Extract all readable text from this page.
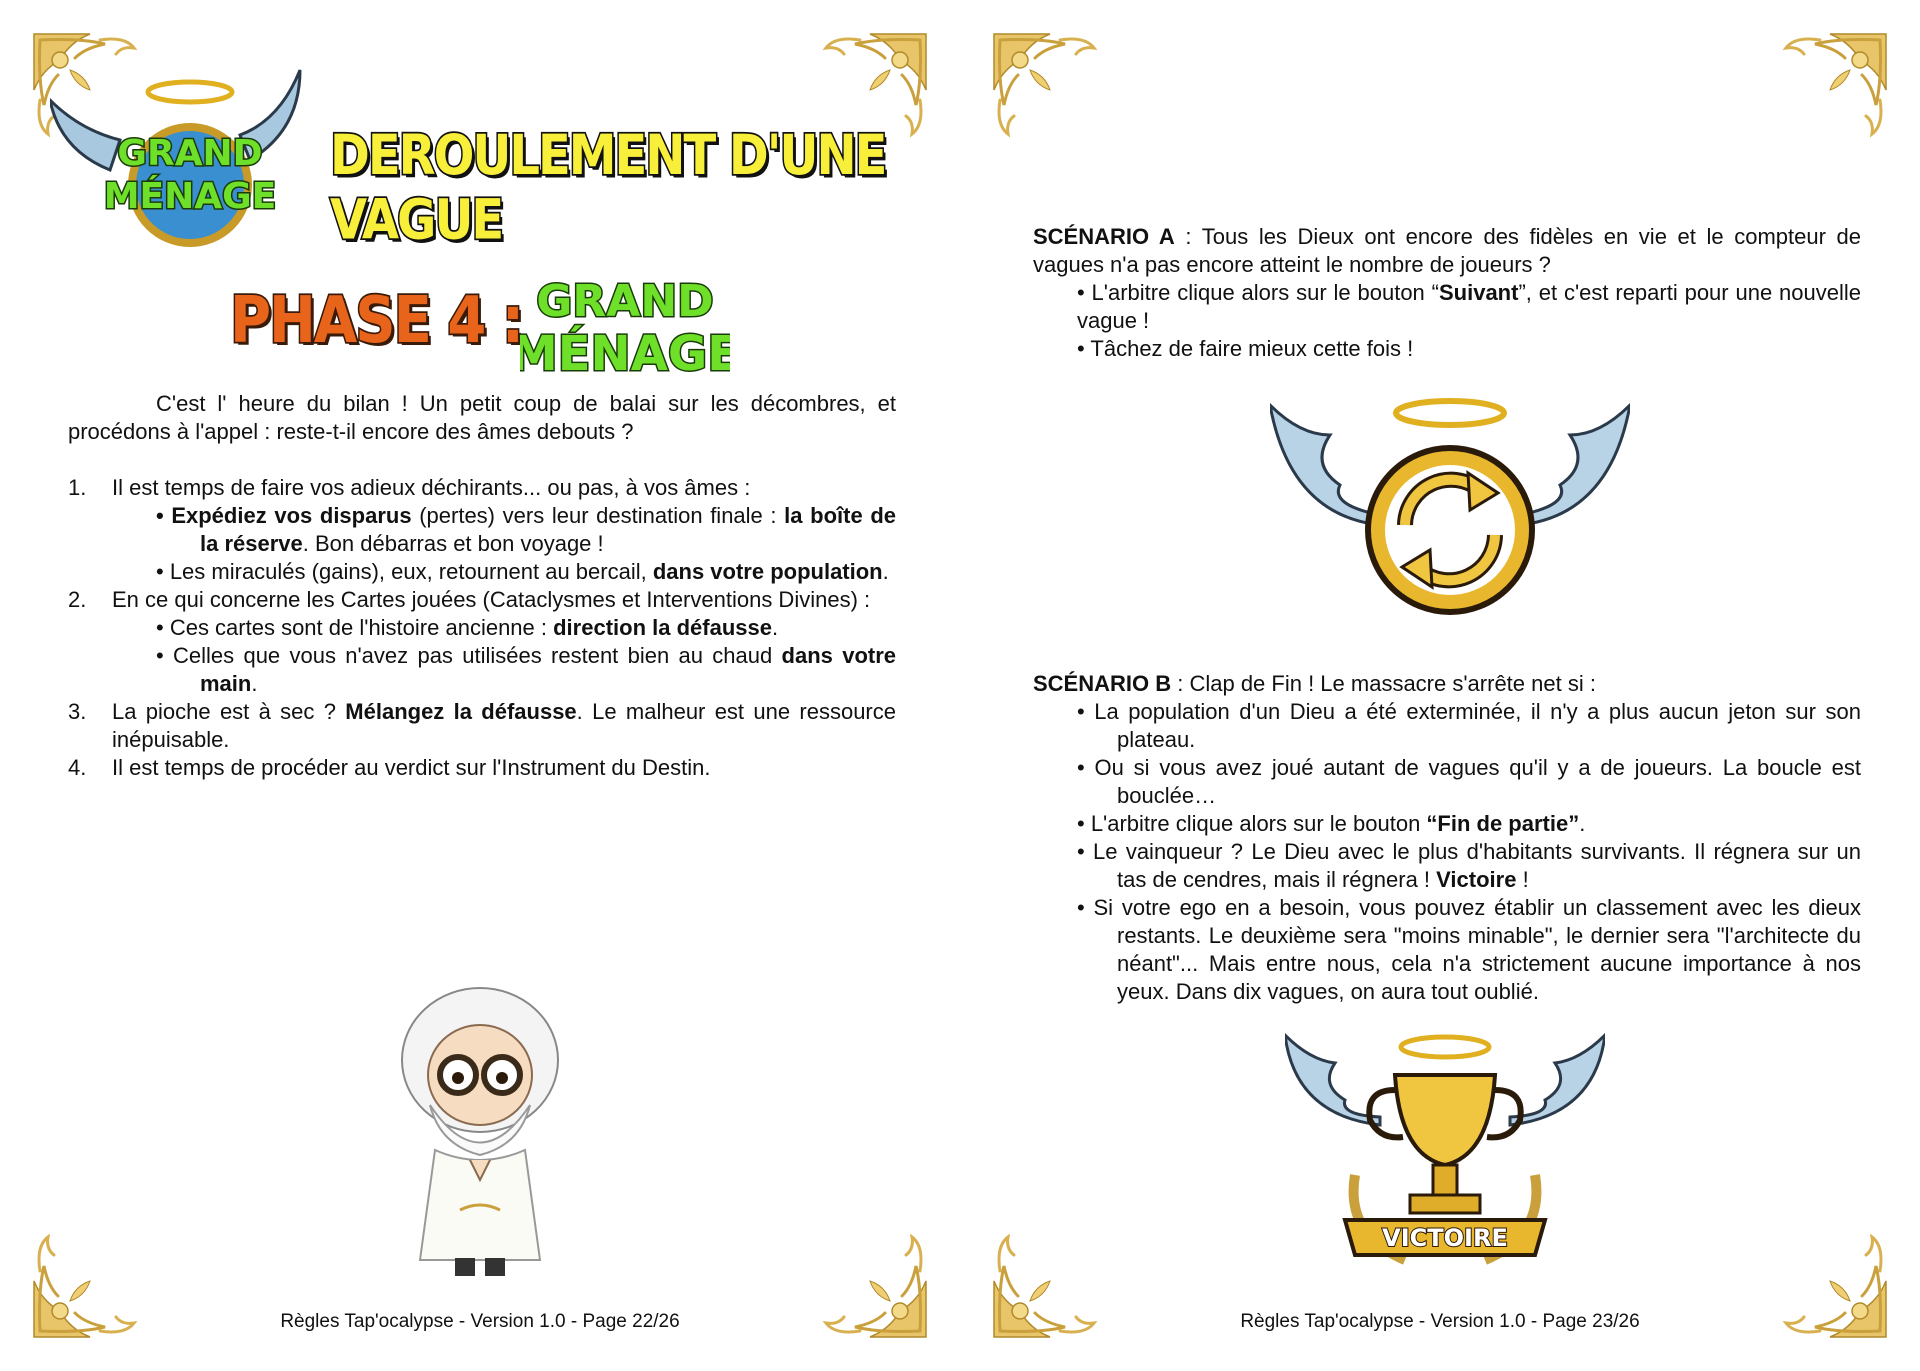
GRAND
MÉNAGE
DEROULEMENT D'UNE VAGUE
PHASE 4 : GRAND
MÉNAGE

C'est l' heure du bilan ! Un petit coup de balai sur les décombres, et procédons à l'appel : reste-t-il encore des âmes debouts ?

1. Il est temps de faire vos adieux déchirants... ou pas, à vos âmes :
• Expédiez vos disparus (pertes) vers leur destination finale : la boîte de la réserve. Bon débarras et bon voyage !
• Les miraculés (gains), eux, retournent au bercail, dans votre population.
2. En ce qui concerne les Cartes jouées (Cataclysmes et Interventions Divines) :
• Ces cartes sont de l'histoire ancienne : direction la défausse.
• Celles que vous n'avez pas utilisées restent bien au chaud dans votre main.
3. La pioche est à sec ? Mélangez la défausse. Le malheur est une ressource inépuisable.
4. Il est temps de procéder au verdict sur l'Instrument du Destin.
Règles Tap'ocalypse - Version 1.0 - Page 22/26
SCÉNARIO A : Tous les Dieux ont encore des fidèles en vie et le compteur de vagues n'a pas encore atteint le nombre de joueurs ?
• L'arbitre clique alors sur le bouton “Suivant”, et c'est reparti pour une nouvelle vague !
• Tâchez de faire mieux cette fois !
SCÉNARIO B : Clap de Fin ! Le massacre s'arrête net si :
• La population d'un Dieu a été exterminée, il n'y a plus aucun jeton sur son plateau.
• Ou si vous avez joué autant de vagues qu'il y a de joueurs. La boucle est bouclée…
• L'arbitre clique alors sur le bouton “Fin de partie”.
• Le vainqueur ? Le Dieu avec le plus d'habitants survivants. Il régnera sur un tas de cendres, mais il régnera ! Victoire !
• Si votre ego en a besoin, vous pouvez établir un classement avec les dieux restants. Le deuxième sera "moins minable", le dernier sera "l'architecte du néant"... Mais entre nous, cela n'a strictement aucune importance à nos yeux. Dans dix vagues, on aura tout oublié.
VICTOIRE
Règles Tap'ocalypse - Version 1.0 - Page 23/26
